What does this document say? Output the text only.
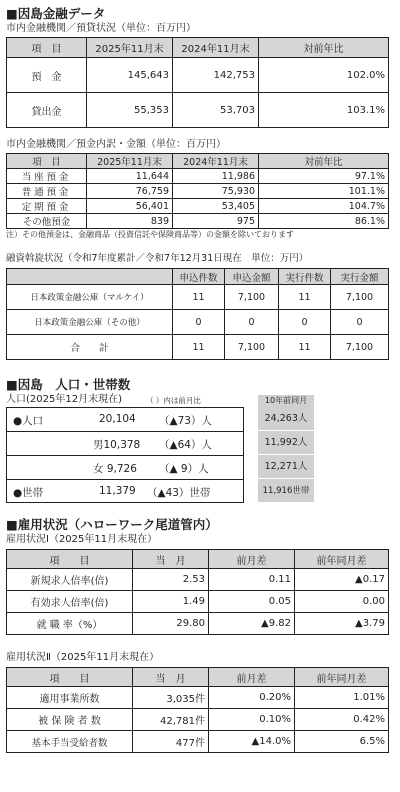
■因島金融データ
市内金融機関／預貸状況（単位：百万円）
項　目	2025年11月末	2024年11月末	対前年比
預　金	145,643	142,753	102.0%
貸出金	55,353	53,703	103.1%
市内金融機関／預金内訳・金額（単位：百万円）
項　目	2025年11月末	2024年11月末	対前年比
当座預金	11,644	11,986	97.1%
普通預金	76,759	75,930	101.1%
定期預金	56,401	53,405	104.7%
その他預金	839	975	86.1%
注）その他預金は、金融商品（投資信託や保険商品等）の金額を除いております
融資斡旋状況（令和7年度累計／令和7年12月31日現在　単位：万円）
	申込件数	申込金額	実行件数	実行金額
日本政策金融公庫（マルケイ）	11	7,100	11	7,100
日本政策金融公庫（その他）	0	0	0	0
合　　計	11	7,100	11	7,100
■因島　人口・世帯数
人口(2025年12月末現在)	（ ）内は前月比	10年前同月
●人口	20,104 （▲73）人	24,263人
男10,378 （▲64）人	11,992人
女 9,726 （▲ 9）人	12,271人
●世帯	11,379 （▲43）世帯	11,916世帯
■雇用状況（ハローワーク尾道管内）
雇用状況Ⅰ（2025年11月末現在）
項　　目	当　月	前月差	前年同月差
新規求人倍率(倍)	2.53	0.11	▲0.17
有効求人倍率(倍)	1.49	0.05	0.00
就 職 率（%）	29.80	▲9.82	▲3.79
雇用状況Ⅱ（2025年11月末現在）
項　　目	当　月	前月差	前年同月差
適用事業所数	3,035件	0.20%	1.01%
被 保 険 者 数	42,781件	0.10%	0.42%
基本手当受給者数	477件	▲14.0%	6.5%
